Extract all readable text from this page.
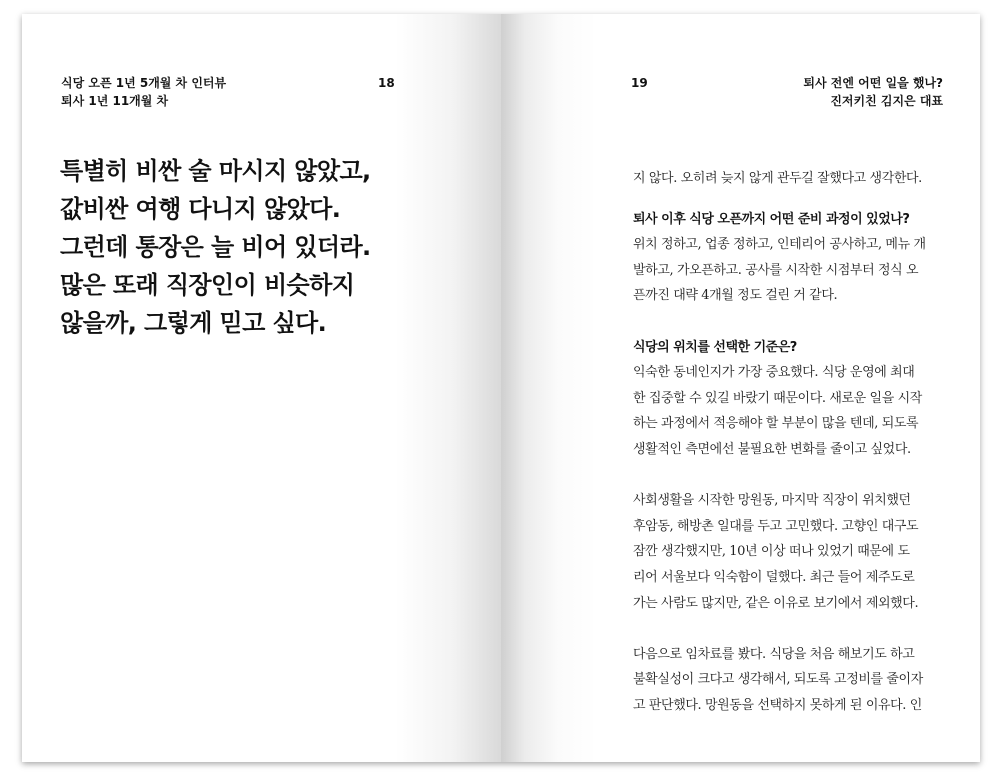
식당 오픈 1년 5개월 차 인터뷰
퇴사 1년 11개월 차
18
특별히 비싼 술 마시지 않았고,
값비싼 여행 다니지 않았다.
그런데 통장은 늘 비어 있더라.
많은 또래 직장인이 비슷하지
않을까, 그렇게 믿고 싶다.
19	퇴사 전엔 어떤 일을 했나?
진저키친 김지은 대표
지 않다. 오히려 늦지 않게 관두길 잘했다고 생각한다.
퇴사 이후 식당 오픈까지 어떤 준비 과정이 있었나?
위치 정하고, 업종 정하고, 인테리어 공사하고, 메뉴 개
발하고, 가오픈하고. 공사를 시작한 시점부터 정식 오
픈까진 대략 4개월 정도 걸린 거 같다.
식당의 위치를 선택한 기준은?
익숙한 동네인지가 가장 중요했다. 식당 운영에 최대
한 집중할 수 있길 바랐기 때문이다. 새로운 일을 시작
하는 과정에서 적응해야 할 부분이 많을 텐데, 되도록
생활적인 측면에선 불필요한 변화를 줄이고 싶었다.
사회생활을 시작한 망원동, 마지막 직장이 위치했던
후암동, 해방촌 일대를 두고 고민했다. 고향인 대구도
잠깐 생각했지만, 10년 이상 떠나 있었기 때문에 도
리어 서울보다 익숙함이 덜했다. 최근 들어 제주도로
가는 사람도 많지만, 같은 이유로 보기에서 제외했다.
다음으로 임차료를 봤다. 식당을 처음 해보기도 하고
불확실성이 크다고 생각해서, 되도록 고정비를 줄이자
고 판단했다. 망원동을 선택하지 못하게 된 이유다. 인
